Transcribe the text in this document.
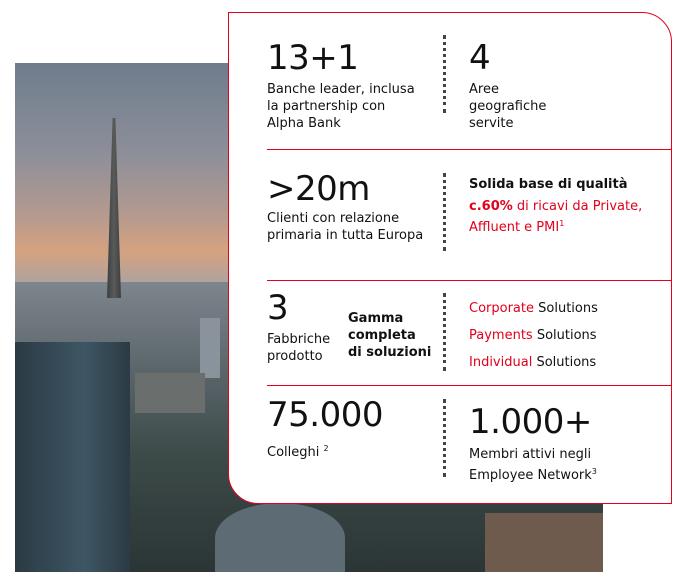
13+1
Banche leader, inclusa
la partnership con
Alpha Bank
4
Aree
geografiche
servite
>20m
Clienti con relazione
primaria in tutta Europa
Solida base di qualità
c.60% di ricavi da Private,
Affluent e PMI$^1$
3
Fabbriche
prodotto
Gamma
completa
di soluzioni
Corporate Solutions
Payments Solutions
Individual Solutions
75.000
Colleghi $^2$
1.000+
Membri attivi negli
Employee Network$^3$
